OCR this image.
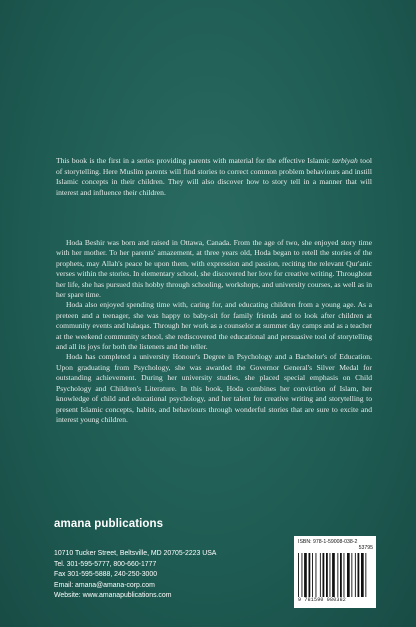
This book is the first in a series providing parents with material for the effective Islamic tarbiyah tool of storytelling. Here Muslim parents will find stories to correct common problem behaviours and instill Islamic concepts in their children. They will also discover how to story tell in a manner that will interest and influence their children.

Hoda Beshir was born and raised in Ottawa, Canada. From the age of two, she enjoyed story time with her mother. To her parents' amazement, at three years old, Hoda began to retell the stories of the prophets, may Allah's peace be upon them, with expression and passion, reciting the relevant Qur'anic verses within the stories. In elementary school, she discovered her love for creative writing. Throughout her life, she has pursued this hobby through schooling, workshops, and university courses, as well as in her spare time.

Hoda also enjoyed spending time with, caring for, and educating children from a young age. As a preteen and a teenager, she was happy to baby-sit for family friends and to look after children at community events and halaqas. Through her work as a counselor at summer day camps and as a teacher at the weekend community school, she rediscovered the educational and persuasive tool of storytelling and all its joys for both the listeners and the teller.

Hoda has completed a university Honour's Degree in Psychology and a Bachelor's of Education. Upon graduating from Psychology, she was awarded the Governor General's Silver Medal for outstanding achievement. During her university studies, she placed special emphasis on Child Psychology and Children's Literature. In this book, Hoda combines her conviction of Islam, her knowledge of child and educational psychology, and her talent for creative writing and storytelling to present Islamic concepts, habits, and behaviours through wonderful stories that are sure to excite and interest young children.

amana publications
10710 Tucker Street, Beltsville, MD 20705-2223 USA
Tel. 301-595-5777, 800-660-1777
Fax 301-595-5888, 240-250-3000
Email: amana@amana-corp.com
Website: www.amanapublications.com
ISBN: 978-1-59008-038-2
53795
9 781590 080382
